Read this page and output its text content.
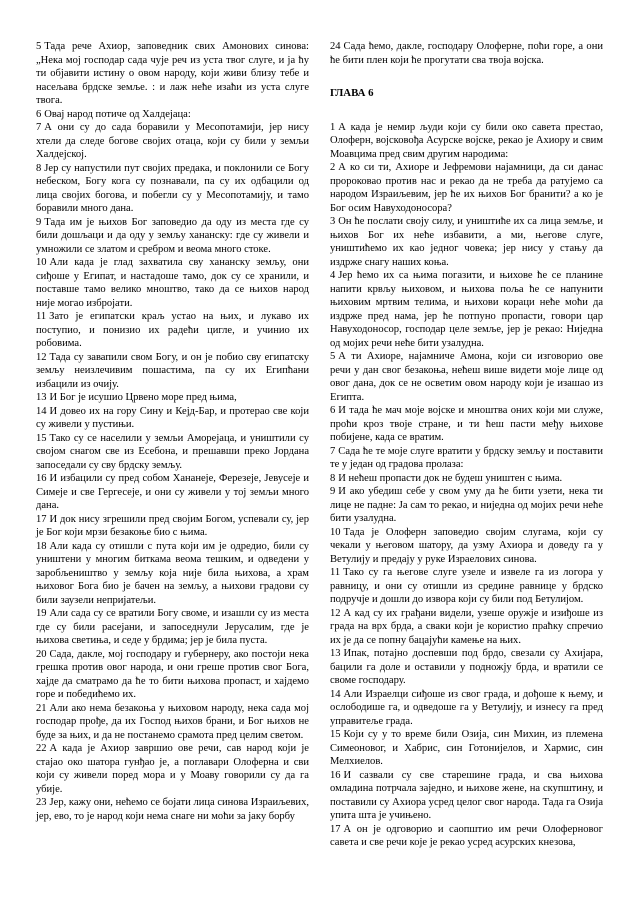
5 Тада рече Ахиор, заповедник свих Амонових синова: „Нека мој господар сада чује реч из уста твог слуге, и ја ћу ти објавити истину о овом народу, који живи близу тебе и насељава брдске земље. : и лаж неће изаћи из уста слуге твога.

6 Овај народ потиче од Халдејаца:

7 А они су до сада боравили у Месопотамији, јер нису хтели да следе богове својих отаца, који су били у земљи Халдејској.

8 Јер су напустили пут својих предака, и поклонили се Богу небеском, Богу кога су познавали, па су их одбацили од лица својих богова, и побегли су у Месопотамију, и тамо боравили много дана.

9 Тада им је њихов Бог заповедио да оду из места где су били дошљаци и да оду у земљу хананску: где су живели и умножили се златом и сребром и веома много стоке.

10 Али када је глад захватила сву хананску земљу, они сиђоше у Египат, и настадоше тамо, док су се хранили, и поставше тамо велико мноштво, тако да се њихов народ није могао избројати.

11 Зато је египатски краљ устао на њих, и лукаво их поступио, и понизио их радећи циглe, и учинио их робовима.

12 Тада су завапили свом Богу, и он је побио сву египатску земљу неизлечивим пошастима, па су их Египћани избацили из очију.

13 И Бог је исушио Црвено море пред њима,

14 И довео их на гору Сину и Кејд-Бар, и протерао све који су живели у пустињи.

15 Тако су се населили у земљи Аморејаца, и уништили су својом снагом све из Есебона, и прешавши преко Јордана запоседали су сву брдску земљу.

16 И избацили су пред собом Хананеје, Ферезеје, Јевусеје и Симеје и све Гергесеје, и они су живели у тој земљи много дана.

17 И док нису згрешили пред својим Богом, успевали су, јер је Бог који мрзи безакоње био с њима.

18 Али када су отишли с пута који им је одредио, били су уништени у многим биткама веома тешким, и одведени у заробљеништво у земљу која није била њихова, а храм њиховог Бога био је бачен на земљу, а њихови градови су били заузели непријатељи.

19 Али сада су се вратили Богу своме, и изашли су из места где су били расејани, и запоседнули Јерусалим, где је њихова светиња, и седе у брдима; јер је била пуста.

20 Сада, дакле, мој господару и губернеру, ако постоји нека грешка против овог народа, и они греше против свог Бога, хајде да сматрамо да ће то бити њихова пропаст, и хајдемо горе и победићемо их.

21 Али ако нема безакоња у њиховом народу, нека сада мој господар прође, да их Господ њихов брани, и Бог њихов не буде за њих, и да не постанемо срамота пред целим светом.

22 А када је Ахиор завршио ове речи, сав народ који је стајао око шатора гунђао је, а поглавари Олоферна и сви који су живели поред мора и у Моаву говорили су да га убије.

23 Јер, кажу они, нећемо се бојати лица синова Израиљевих, јер, ево, то је народ који нема снаге ни моћи за јаку борбу

24 Сада ћемо, дакле, господару Олоферне, поћи горе, а они ће бити плен који ће прогутати сва твоја војска.

ГЛАВА 6

1 А када је немир људи који су били око савета престао, Олоферн, војсковођа Асурске војске, рекао је Ахиору и свим Моавцима пред свим другим народима:

2 А ко си ти, Ахиоре и Јефремови најамници, да си данас пророковао против нас и рекао да не треба да ратујемо са народом Израиљевим, јер ће их њихов Бог бранити? а ко је Бог осим Навуходоносора?

3 Он ће послати своју силу, и уништиће их са лица земље, и њихов Бог их неће избавити, а ми, његове слуге, уништићемо их као једног човека; јер нису у стању да издрже снагу наших коња.

4 Јер ћемо их са њима погазити, и њихове ће се планине напити крвљу њиховом, и њихова поља ће се напунити њиховим мртвим телима, и њихови кораци неће моћи да издрже пред нама, јер ће потпуно пропасти, говори цар Навуходоносор, господар целе земље, јер је рекао: Ниједна од мојих речи неће бити узалудна.

5 А ти Ахиоре, најамниче Амона, који си изговорио ове речи у дан свог безакоња, нећеш више видети моје лице од овог дана, док се не осветим овом народу који је изашао из Египта.

6 И тада ће мач моје војске и мноштва оних који ми служе, проћи кроз твоје стране, и ти ћеш пасти међу њихове побијене, када се вратим.

7 Сада ће те моје слуге вратити у брдску земљу и поставити те у један од градова пролаза:

8 И нећеш пропасти док не будеш уништен с њима.

9 И ако убедиш себе у свом уму да ће бити узети, нека ти лице не падне: Ја сам то рекао, и ниједна од мојих речи неће бити узалудна.

10 Тада је Олоферн заповедио својим слугама, који су чекали у његовом шатору, да узму Ахиора и доведу га у Ветулију и предају у руке Израелових синова.

11 Тако су га његове слуге узеле и извеле га из логора у равницу, и они су отишли из средине равнице у брдско подручје и дошли до извора који су били под Бетулијом.

12 А кад су их грађани видели, узеше оружје и изиђоше из града на врх брда, а сваки који је користио праћку спречио их је да се попну бацајући камење на њих.

13 Ипак, потајно доспевши под брдо, свезали су Ахијара, бацили га доле и оставили у подножју брда, и вратили се своме господару.

14 Али Израелци сиђоше из свог града, и дођоше к њему, и ослободише га, и одведоше га у Ветулију, и изнесу га пред управитеље града.

15 Који су у то време били Озија, син Михин, из племена Симеоновог, и Хабрис, син Готонијелов, и Хармис, син Мелхиелов.

16 И сазвали су све старешине града, и сва њихова омладина потрчала заједно, и њихове жене, на скупштину, и поставили су Ахиора усред целог свог народа. Тада га Озија упита шта је учињено.

17 А он је одговорио и саопштио им речи Олоферновог савета и све речи које је рекао усред асурских кнезова,
